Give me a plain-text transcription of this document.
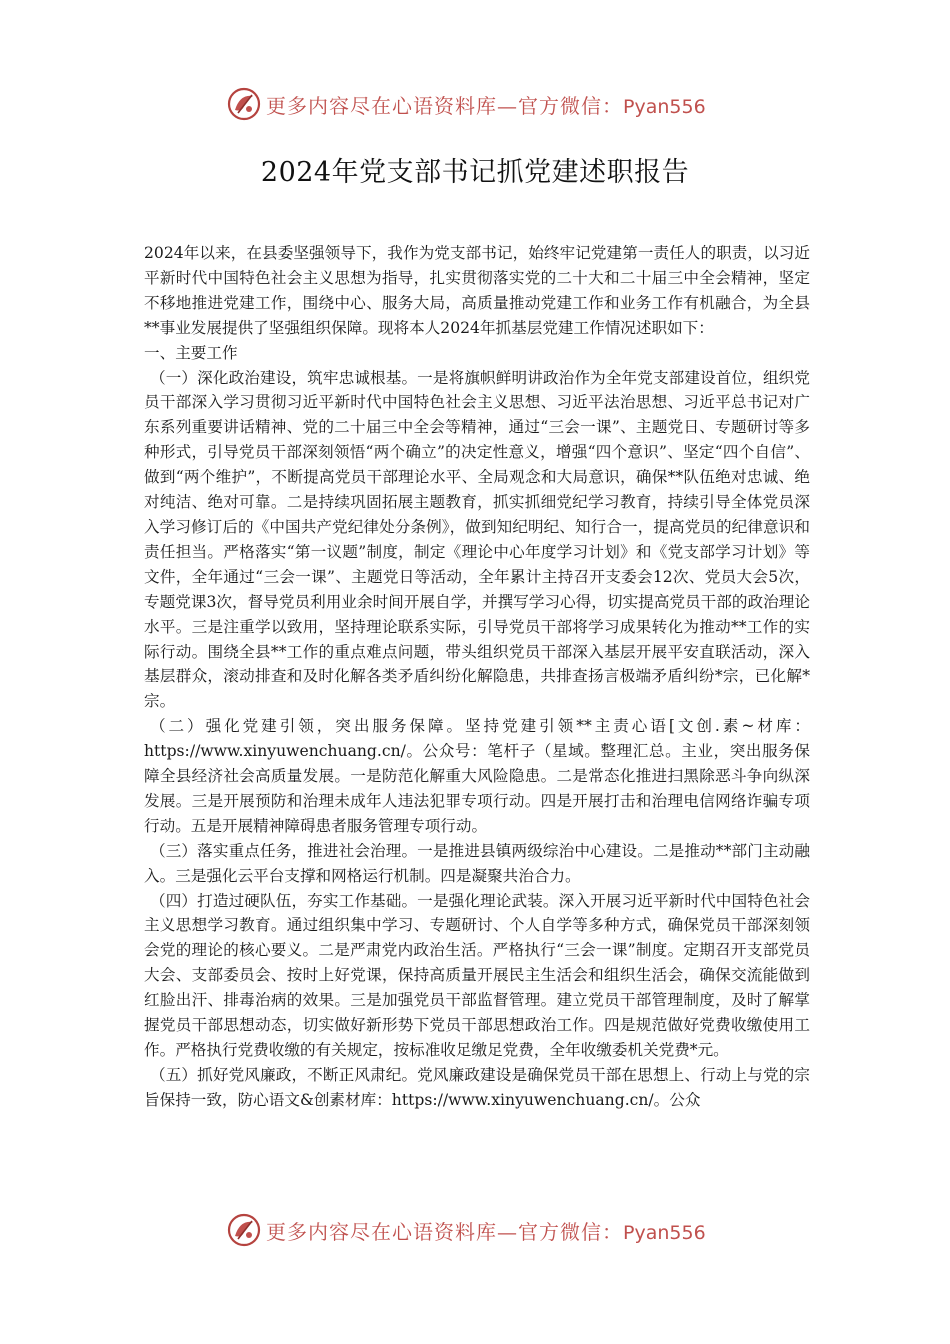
更多内容尽在心语资料库—官方微信：Pyan556
2024年党支部书记抓党建述职报告

2024年以来，在县委坚强领导下，我作为党支部书记，始终牢记党建第一责任人的职责，以习近平新时代中国特色社会主义思想为指导，扎实贯彻落实党的二十大和二十届三中全会精神，坚定不移地推进党建工作，围绕中心、服务大局，高质量推动党建工作和业务工作有机融合，为全县**事业发展提供了坚强组织保障。现将本人2024年抓基层党建工作情况述职如下：

一、主要工作

（一）深化政治建设，筑牢忠诚根基。一是将旗帜鲜明讲政治作为全年党支部建设首位，组织党员干部深入学习贯彻习近平新时代中国特色社会主义思想、习近平法治思想、习近平总书记对广东系列重要讲话精神、党的二十届三中全会等精神，通过“三会一课”、主题党日、专题研讨等多种形式，引导党员干部深刻领悟“两个确立”的决定性意义，增强“四个意识”、坚定“四个自信”、做到“两个维护”，不断提高党员干部理论水平、全局观念和大局意识，确保**队伍绝对忠诚、绝对纯洁、绝对可靠。二是持续巩固拓展主题教育，抓实抓细党纪学习教育，持续引导全体党员深入学习修订后的《中国共产党纪律处分条例》，做到知纪明纪、知行合一，提高党员的纪律意识和责任担当。严格落实“第一议题”制度，制定《理论中心年度学习计划》和《党支部学习计划》等文件，全年通过“三会一课”、主题党日等活动，全年累计主持召开支委会12次、党员大会5次，专题党课3次，督导党员利用业余时间开展自学，并撰写学习心得，切实提高党员干部的政治理论水平。三是注重学以致用，坚持理论联系实际，引导党员干部将学习成果转化为推动**工作的实际行动。围绕全县**工作的重点难点问题，带头组织党员干部深入基层开展平安直联活动，深入基层群众，滚动排查和及时化解各类矛盾纠纷化解隐患，共排查扬言极端矛盾纠纷*宗，已化解*宗。

（二）强化党建引领，突出服务保障。坚持党建引领**主责心语[文创.素~材库：https://www.xinyuwenchuang.cn/。公众号：笔杆子（星域。整理汇总。主业，突出服务保障全县经济社会高质量发展。一是防范化解重大风险隐患。二是常态化推进扫黑除恶斗争向纵深发展。三是开展预防和治理未成年人违法犯罪专项行动。四是开展打击和治理电信网络诈骗专项行动。五是开展精神障碍患者服务管理专项行动。

（三）落实重点任务，推进社会治理。一是推进县镇两级综治中心建设。二是推动**部门主动融入。三是强化云平台支撑和网格运行机制。四是凝聚共治合力。

（四）打造过硬队伍，夯实工作基础。一是强化理论武装。深入开展习近平新时代中国特色社会主义思想学习教育。通过组织集中学习、专题研讨、个人自学等多种方式，确保党员干部深刻领会党的理论的核心要义。二是严肃党内政治生活。严格执行“三会一课”制度。定期召开支部党员大会、支部委员会、按时上好党课，保持高质量开展民主生活会和组织生活会，确保交流能做到红脸出汗、排毒治病的效果。三是加强党员干部监督管理。建立党员干部管理制度，及时了解掌握党员干部思想动态，切实做好新形势下党员干部思想政治工作。四是规范做好党费收缴使用工作。严格执行党费收缴的有关规定，按标准收足缴足党费，全年收缴委机关党费*元。

（五）抓好党风廉政，不断正风肃纪。党风廉政建设是确保党员干部在思想上、行动上与党的宗旨保持一致，防心语文&创素材库：https://www.xinyuwenchuang.cn/。公众

更多内容尽在心语资料库—官方微信：Pyan556
